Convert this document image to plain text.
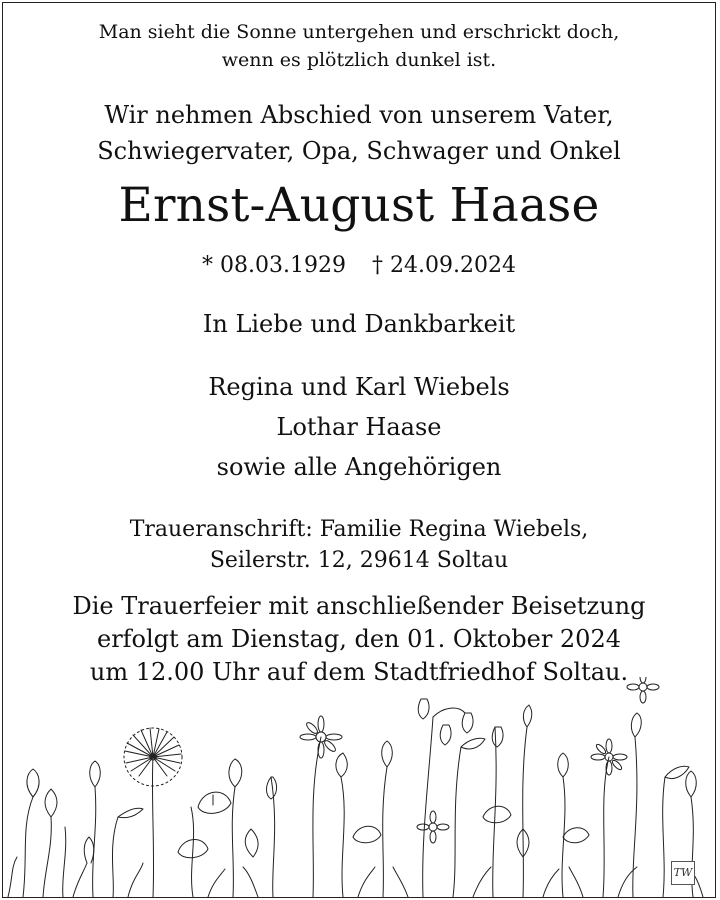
Man sieht die Sonne untergehen und erschrickt doch,
wenn es plötzlich dunkel ist.
Wir nehmen Abschied von unserem Vater,
Schwiegervater, Opa, Schwager und Onkel
Ernst-August Haase
* 08.03.1929 † 24.09.2024
In Liebe und Dankbarkeit
Regina und Karl Wiebels
Lothar Haase
sowie alle Angehörigen
Traueranschrift: Familie Regina Wiebels,
Seilerstr. 12, 29614 Soltau
Die Trauerfeier mit anschließender Beisetzung
erfolgt am Dienstag, den 01. Oktober 2024
um 12.00 Uhr auf dem Stadtfriedhof Soltau.
TW
